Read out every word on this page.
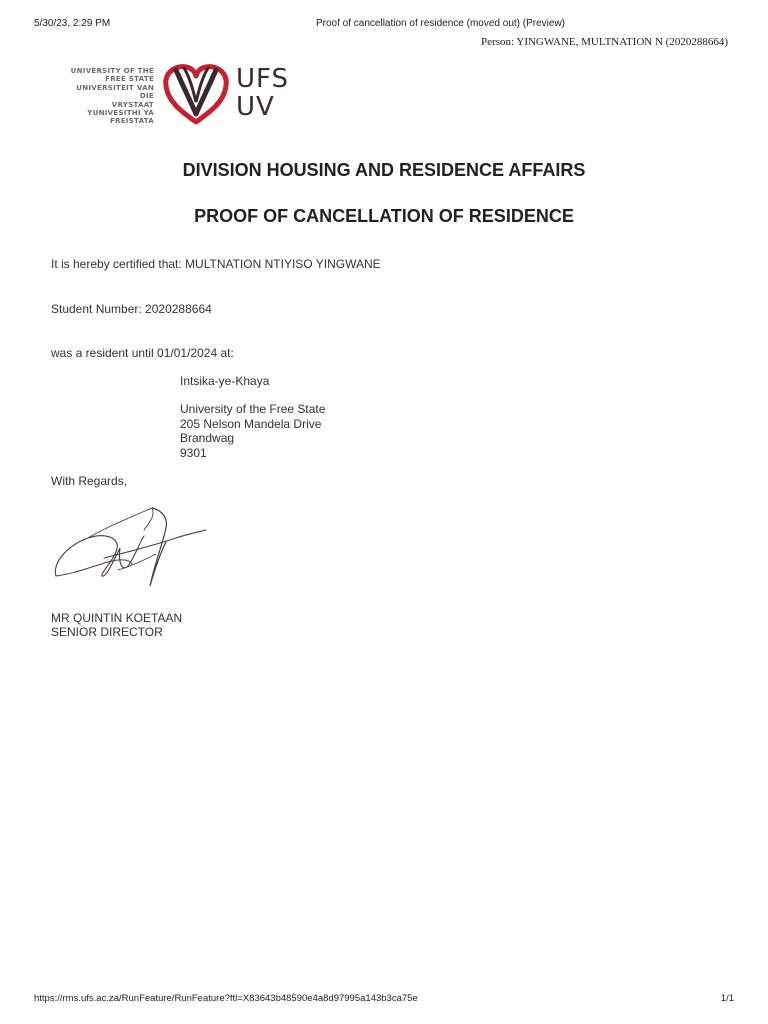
5/30/23, 2:29 PM	Proof of cancellation of residence (moved out) (Preview)
Person: YINGWANE, MULTNATION N (2020288664)
UNIVERSITY OF THE
FREE STATE
UNIVERSITEIT VAN DIE
VRYSTAAT
YUNIVESITHI YA
FREISTATA
UFS
UV
DIVISION HOUSING AND RESIDENCE AFFAIRS
PROOF OF CANCELLATION OF RESIDENCE
It is hereby certified that: MULTNATION NTIYISO YINGWANE
Student Number: 2020288664
was a resident until 01/01/2024 at:
Intsika-ye-Khaya
University of the Free State
205 Nelson Mandela Drive
Brandwag
9301
With Regards,
MR QUINTIN KOETAAN
SENIOR DIRECTOR
https://rms.ufs.ac.za/RunFeature/RunFeature?ftl=X83643b48590e4a8d97995a143b3ca75e	1/1
